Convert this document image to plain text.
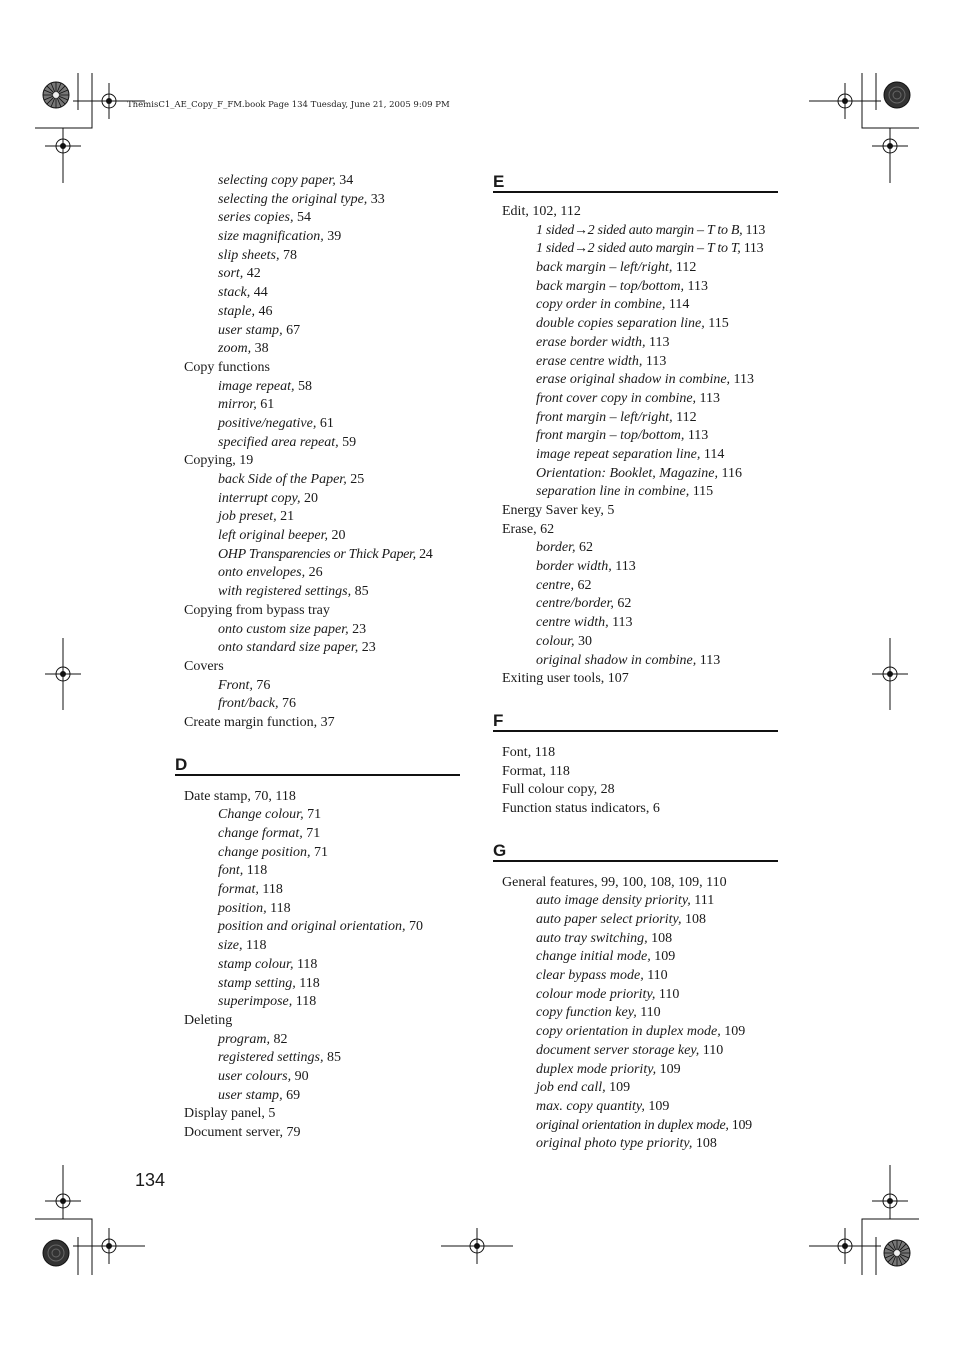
ThemisC1_AE_Copy_F_FM.book Page 134 Tuesday, June 21, 2005 9:09 PM
selecting copy paper, 34
selecting the original type, 33
series copies, 54
size magnification, 39
slip sheets, 78
sort, 42
stack, 44
staple, 46
user stamp, 67
zoom, 38
Copy functions
image repeat, 58
mirror, 61
positive/negative, 61
specified area repeat, 59
Copying, 19
back Side of the Paper, 25
interrupt copy, 20
job preset, 21
left original beeper, 20
OHP Transparencies or Thick Paper, 24
onto envelopes, 26
with registered settings, 85
Copying from bypass tray
onto custom size paper, 23
onto standard size paper, 23
Covers
Front, 76
front/back, 76
Create margin function, 37
D
Date stamp, 70, 118
Change colour, 71
change format, 71
change position, 71
font, 118
format, 118
position, 118
position and original orientation, 70
size, 118
stamp colour, 118
stamp setting, 118
superimpose, 118
Deleting
program, 82
registered settings, 85
user colours, 90
user stamp, 69
Display panel, 5
Document server, 79
E
Edit, 102, 112
1 sided→2 sided auto margin – T to B, 113
1 sided→2 sided auto margin – T to T, 113
back margin – left/right, 112
back margin – top/bottom, 113
copy order in combine, 114
double copies separation line, 115
erase border width, 113
erase centre width, 113
erase original shadow in combine, 113
front cover copy in combine, 113
front margin – left/right, 112
front margin – top/bottom, 113
image repeat separation line, 114
Orientation: Booklet, Magazine, 116
separation line in combine, 115
Energy Saver key, 5
Erase, 62
border, 62
border width, 113
centre, 62
centre/border, 62
centre width, 113
colour, 30
original shadow in combine, 113
Exiting user tools, 107
F
Font, 118
Format, 118
Full colour copy, 28
Function status indicators, 6
G
General features, 99, 100, 108, 109, 110
auto image density priority, 111
auto paper select priority, 108
auto tray switching, 108
change initial mode, 109
clear bypass mode, 110
colour mode priority, 110
copy function key, 110
copy orientation in duplex mode, 109
document server storage key, 110
duplex mode priority, 109
job end call, 109
max. copy quantity, 109
original orientation in duplex mode, 109
original photo type priority, 108
134
